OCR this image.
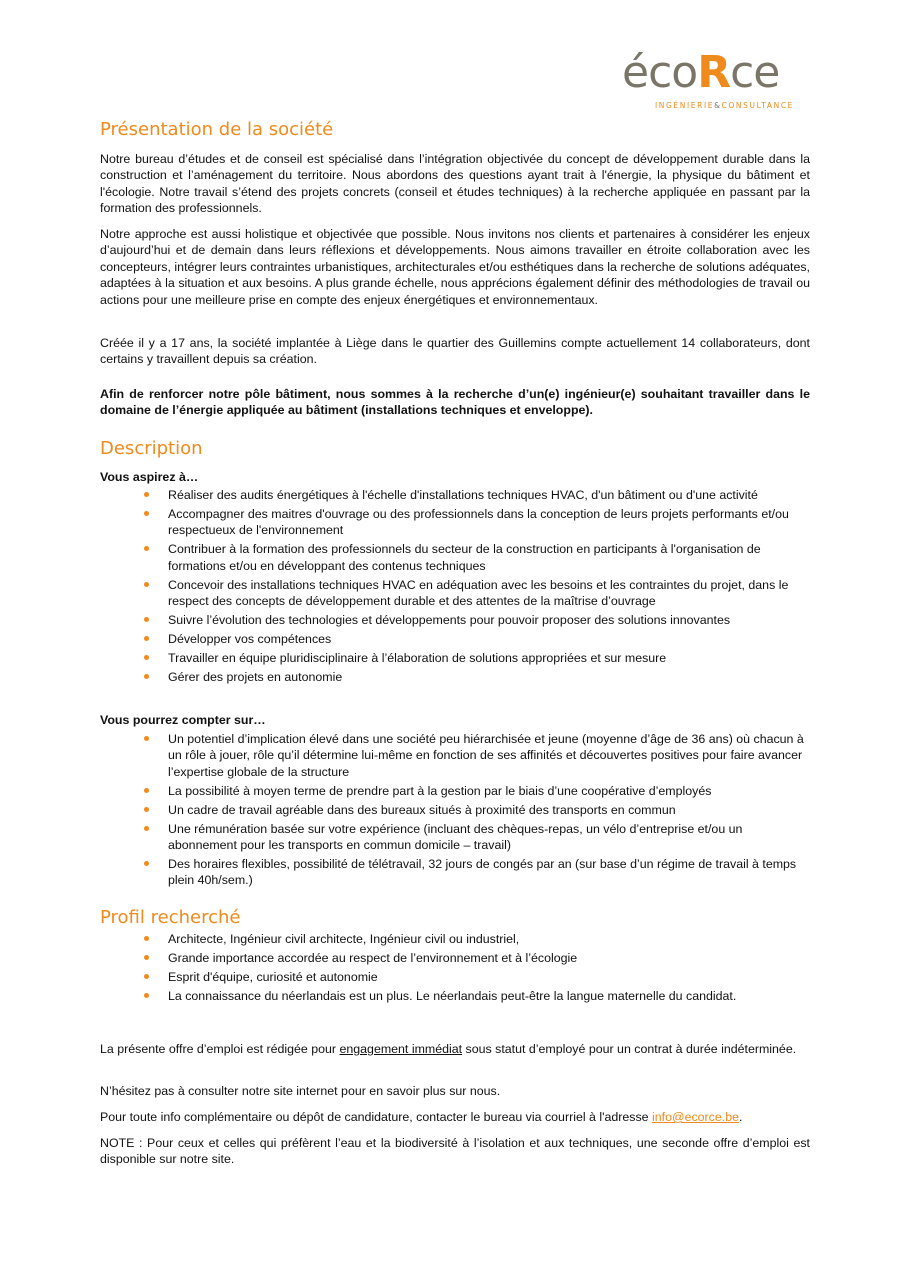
écoRce
INGÉNIERIE&CONSULTANCE
Présentation de la société

Notre bureau d’études et de conseil est spécialisé dans l’intégration objectivée du concept de développement durable dans la construction et l’aménagement du territoire. Nous abordons des questions ayant trait à l'énergie, la physique du bâtiment et l'écologie. Notre travail s’étend des projets concrets (conseil et études techniques) à la recherche appliquée en passant par la formation des professionnels.

Notre approche est aussi holistique et objectivée que possible. Nous invitons nos clients et partenaires à considérer les enjeux d’aujourd’hui et de demain dans leurs réflexions et développements. Nous aimons travailler en étroite collaboration avec les concepteurs, intégrer leurs contraintes urbanistiques, architecturales et/ou esthétiques dans la recherche de solutions adéquates, adaptées à la situation et aux besoins. A plus grande échelle, nous apprécions également définir des méthodologies de travail ou actions pour une meilleure prise en compte des enjeux énergétiques et environnementaux.

Créée il y a 17 ans, la société implantée à Liège dans le quartier des Guillemins compte actuellement 14 collaborateurs, dont certains y travaillent depuis sa création.

Afin de renforcer notre pôle bâtiment, nous sommes à la recherche d’un(e) ingénieur(e) souhaitant travailler dans le domaine de l’énergie appliquée au bâtiment (installations techniques et enveloppe).

Description
Vous aspirez à…
Réaliser des audits énergétiques à l'échelle d'installations techniques HVAC, d'un bâtiment ou d'une activité
Accompagner des maitres d'ouvrage ou des professionnels dans la conception de leurs projets performants et/ou respectueux de l'environnement
Contribuer à la formation des professionnels du secteur de la construction en participants à l'organisation de formations et/ou en développant des contenus techniques
Concevoir des installations techniques HVAC en adéquation avec les besoins et les contraintes du projet, dans le respect des concepts de développement durable et des attentes de la maîtrise d’ouvrage
Suivre l’évolution des technologies et développements pour pouvoir proposer des solutions innovantes
Développer vos compétences
Travailler en équipe pluridisciplinaire à l’élaboration de solutions appropriées et sur mesure
Gérer des projets en autonomie
Vous pourrez compter sur…
Un potentiel d’implication élevé dans une société peu hiérarchisée et jeune (moyenne d’âge de 36 ans) où chacun à un rôle à jouer, rôle qu’il détermine lui-même en fonction de ses affinités et découvertes positives pour faire avancer l’expertise globale de la structure
La possibilité à moyen terme de prendre part à la gestion par le biais d’une coopérative d’employés
Un cadre de travail agréable dans des bureaux situés à proximité des transports en commun
Une rémunération basée sur votre expérience (incluant des chèques-repas, un vélo d’entreprise et/ou un abonnement pour les transports en commun domicile – travail)
Des horaires flexibles, possibilité de télétravail, 32 jours de congés par an (sur base d’un régime de travail à temps plein 40h/sem.)
Profil recherché
Architecte, Ingénieur civil architecte, Ingénieur civil ou industriel,
Grande importance accordée au respect de l’environnement et à l’écologie
Esprit d'équipe, curiosité et autonomie
La connaissance du néerlandais est un plus. Le néerlandais peut-être la langue maternelle du candidat.

La présente offre d’emploi est rédigée pour engagement immédiat sous statut d’employé pour un contrat à durée indéterminée.

N’hésitez pas à consulter notre site internet pour en savoir plus sur nous.

Pour toute info complémentaire ou dépôt de candidature, contacter le bureau via courriel à l'adresse info@ecorce.be.

NOTE : Pour ceux et celles qui préfèrent l’eau et la biodiversité à l’isolation et aux techniques, une seconde offre d’emploi est disponible sur notre site.
